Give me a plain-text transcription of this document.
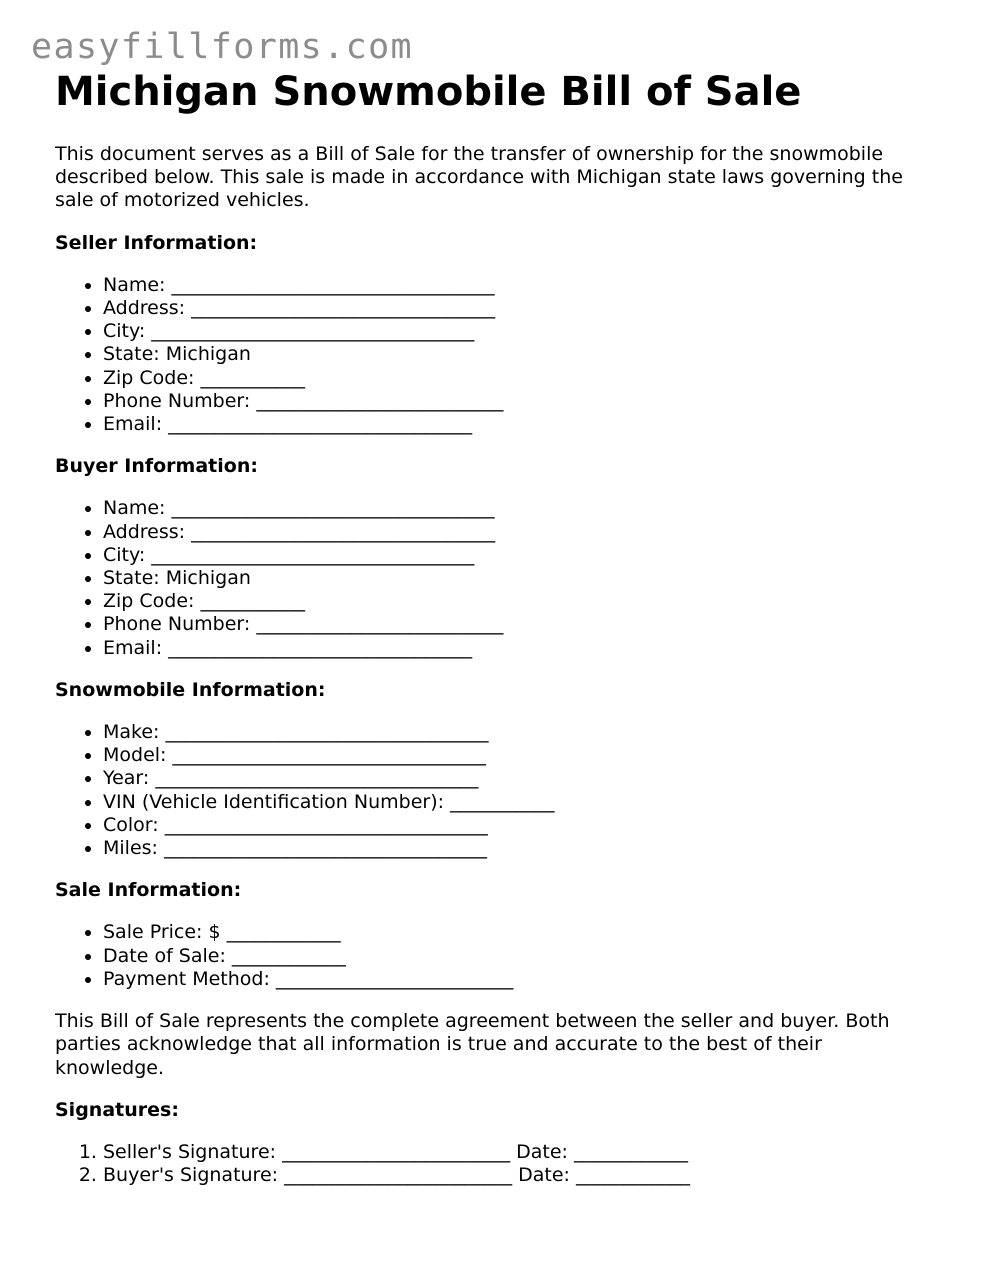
easyfillforms.com
Michigan Snowmobile Bill of Sale

This document serves as a Bill of Sale for the transfer of ownership for the snowmobile described below. This sale is made in accordance with Michigan state laws governing the sale of motorized vehicles.

Seller Information:
• Name: __________________________________
• Address: ________________________________
• City: __________________________________
• State: Michigan
• Zip Code: ___________
• Phone Number: __________________________
• Email: ________________________________
Buyer Information:
• Name: __________________________________
• Address: ________________________________
• City: __________________________________
• State: Michigan
• Zip Code: ___________
• Phone Number: __________________________
• Email: ________________________________
Snowmobile Information:
• Make: __________________________________
• Model: _________________________________
• Year: __________________________________
• VIN (Vehicle Identification Number): ___________
• Color: __________________________________
• Miles: __________________________________
Sale Information:
• Sale Price: $ ____________
• Date of Sale: ____________
• Payment Method: _________________________

This Bill of Sale represents the complete agreement between the seller and buyer. Both parties acknowledge that all information is true and accurate to the best of their knowledge.

Signatures:
1. Seller's Signature: ________________________ Date: ____________
2. Buyer's Signature: ________________________ Date: ____________
